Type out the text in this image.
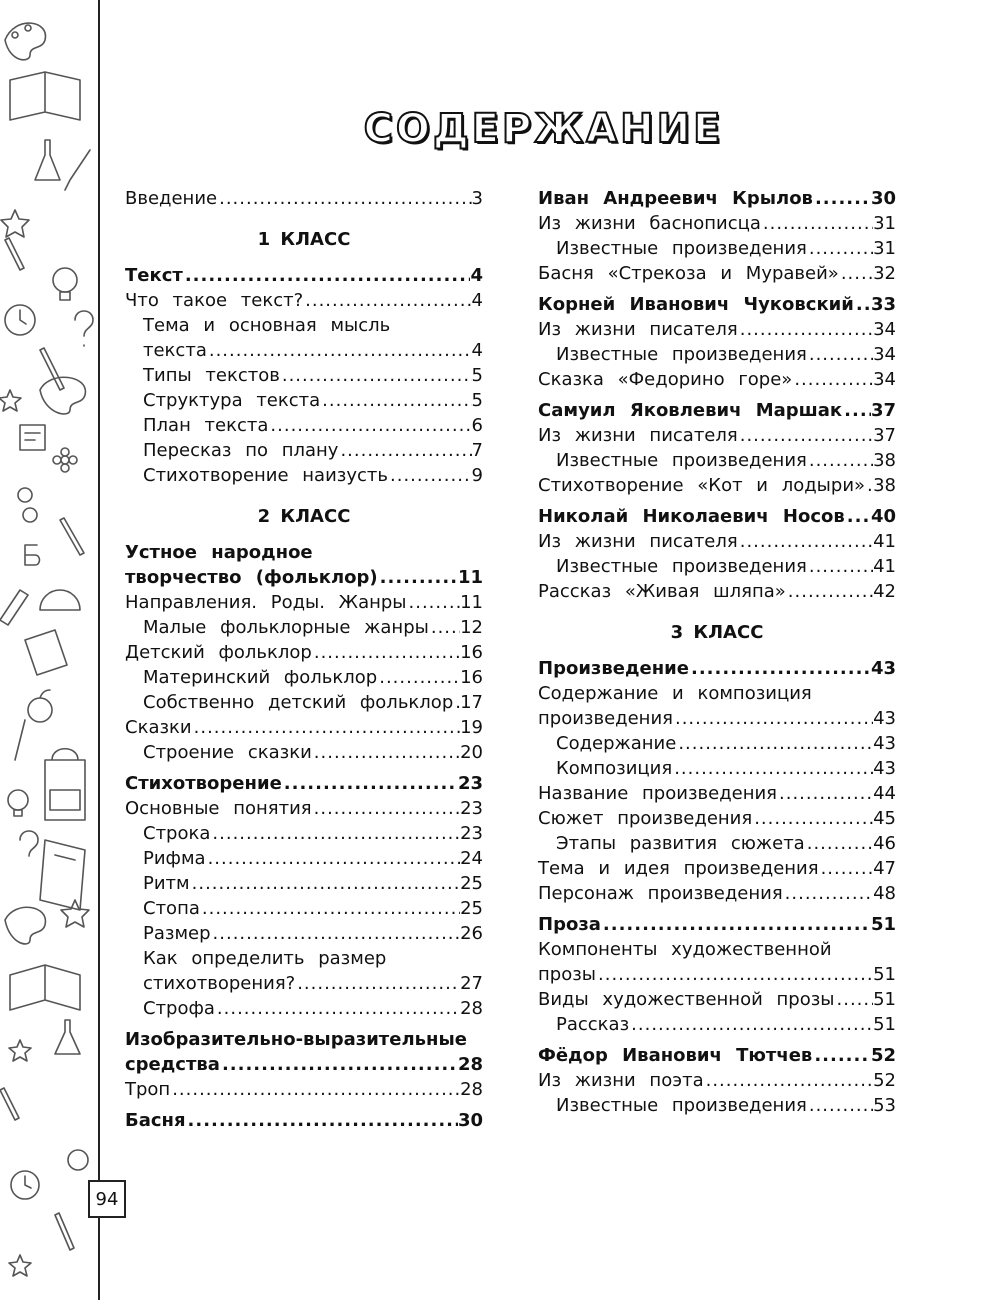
94
СОДЕРЖАНИЕ
Введение .....	3
1 КЛАСС
Текст .....	4
Что такое текст? .....	4
Тема и основная мысль
текста .....	4
Типы текстов .....	5
Структура текста .....	5
План текста .....	6
Пересказ по плану .....	7
Стихотворение наизусть .....	9
2 КЛАСС
Устное народное
творчество (фольклор) .....	11
Направления. Роды. Жанры .....	11
Малые фольклорные жанры ..... 12
Детский фольклор .....	16
Материнский фольклор .....	16
Собственно детский фольклор ..... 17
Сказки .....	19
Строение сказки .....	20
Стихотворение .....	23
Основные понятия .....	23
Строка .....	23
Рифма .....	24
Ритм .....	25
Стопа .....	25
Размер .....	26
Как определить размер
стихотворения? .....	27
Строфа .....	28
Изобразительно-выразительные
средства .....	28
Троп .....	28
Басня .....	30
Иван Андреевич Крылов .....	30
Из жизни баснописца .....	31
Известные произведения .....	31
Басня «Стрекоза и Муравей» ..... 32
Корней Иванович Чуковский ..... 33
Из жизни писателя .....	34
Известные произведения .....	34
Сказка «Федорино горе» .....	34
Самуил Яковлевич Маршак ..... 37
Из жизни писателя .....	37
Известные произведения .....	38
Стихотворение «Кот и лодыри» ..... 38
Николай Николаевич Носов ..... 40
Из жизни писателя .....	41
Известные произведения .....	41
Рассказ «Живая шляпа» .....	42
3 КЛАСС
Произведение .....	43
Содержание и композиция
произведения .....	43
Содержание .....	43
Композиция .....	43
Название произведения .....	44
Сюжет произведения .....	45
Этапы развития сюжета .....	46
Тема и идея произведения .....	47
Персонаж произведения .....	48
Проза .....	51
Компоненты художественной
прозы .....	51
Виды художественной прозы ..... 51
Рассказ .....	51
Фёдор Иванович Тютчев .....	52
Из жизни поэта .....	52
Известные произведения .....	53
